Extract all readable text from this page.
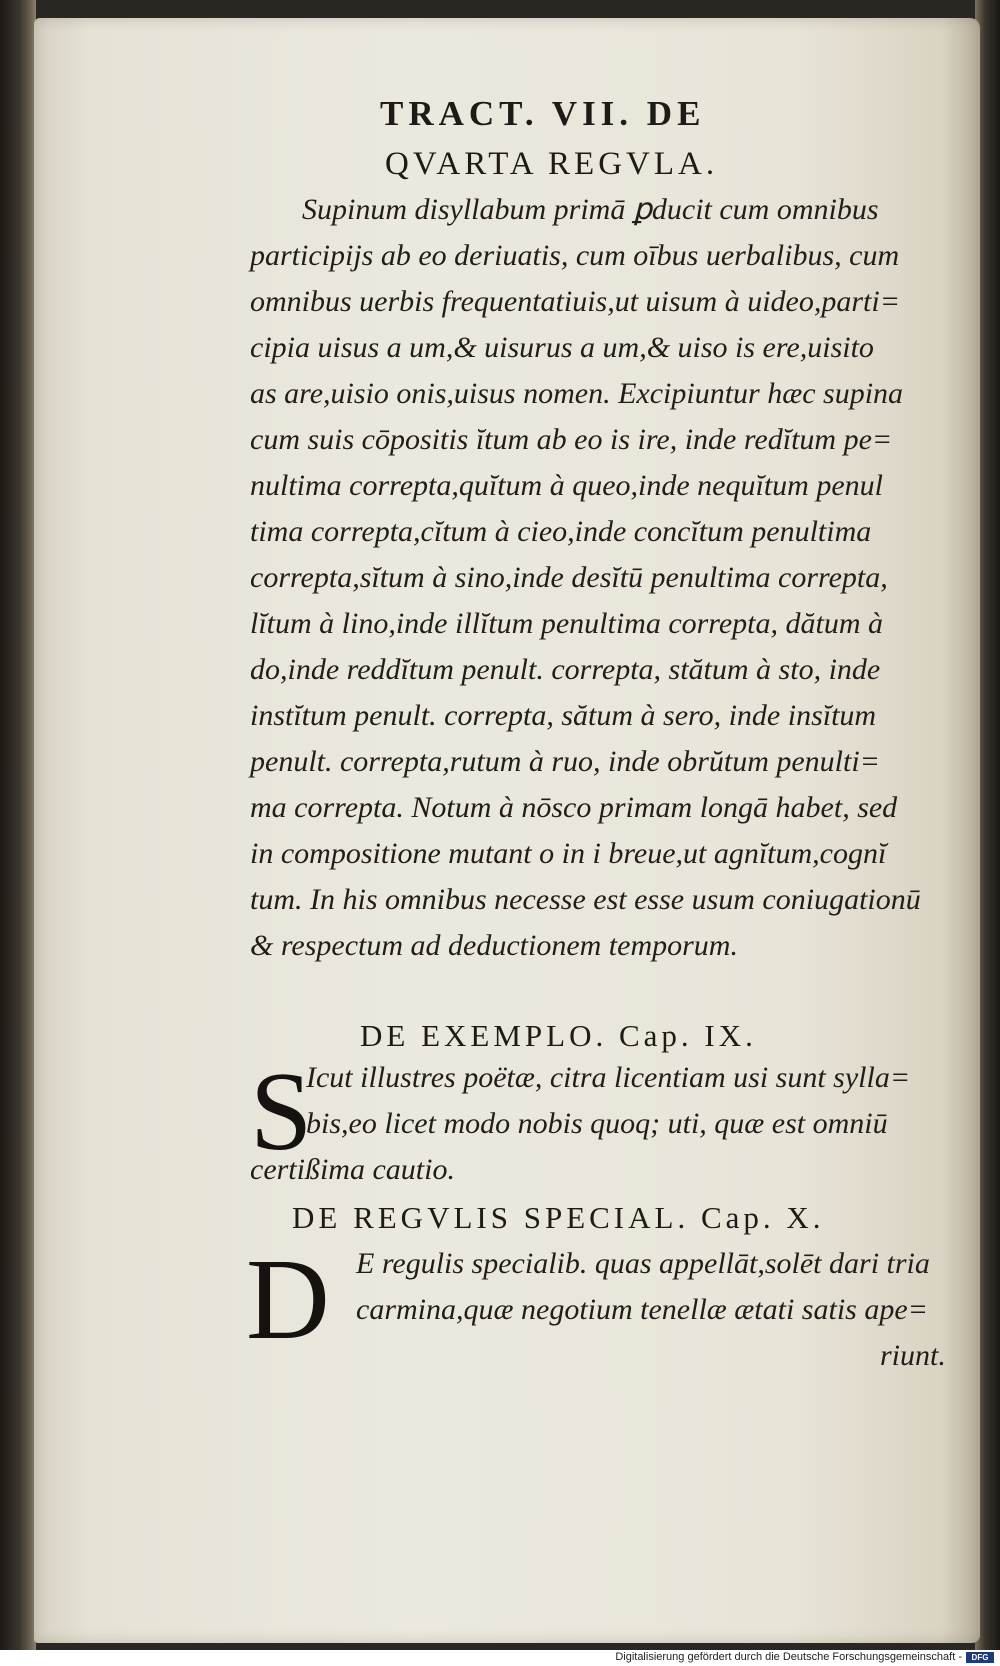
TRACT. VII. DE
QVARTA REGVLA.
Supinum disyllabum primā ꝑducit cum omnibus
participijs ab eo deriuatis, cum oībus uerbalibus, cum
omnibus uerbis frequentatiuis,ut uisum à uideo,parti=
cipia uisus a um,& uisurus a um,& uiso is ere,uisito
as are,uisio onis,uisus nomen. Excipiuntur hæc supina
cum suis cōpositis ĭtum ab eo is ire, inde redĭtum pe=
nultima correpta,quĭtum à queo,inde nequĭtum penul
tima correpta,cĭtum à cieo,inde concĭtum penultima
correpta,sĭtum à sino,inde desĭtū penultima correpta,
lĭtum à lino,inde illĭtum penultima correpta, dătum à
do,inde reddĭtum penult. correpta, stătum à sto, inde
instĭtum penult. correpta, sătum à sero, inde insĭtum
penult. correpta,rutum à ruo, inde obrŭtum penulti=
ma correpta. Notum à nōsco primam longā habet, sed
in compositione mutant o in i breue,ut agnĭtum,cognĭ
tum. In his omnibus necesse est esse usum coniugationū
& respectum ad deductionem temporum.
DE EXEMPLO. Cap. IX.
S
Icut illustres poëtæ, citra licentiam usi sunt sylla=
bis,eo licet modo nobis quoq; uti, quæ est omniū
certißima cautio.
DE REGVLIS SPECIAL. Cap. X.
D E regulis specialib. quas appellāt,solēt dari tria
carmina,quæ negotium tenellæ ætati satis ape=
riunt.
Digitalisierung gefördert durch die Deutsche Forschungsgemeinschaft -	DFG
